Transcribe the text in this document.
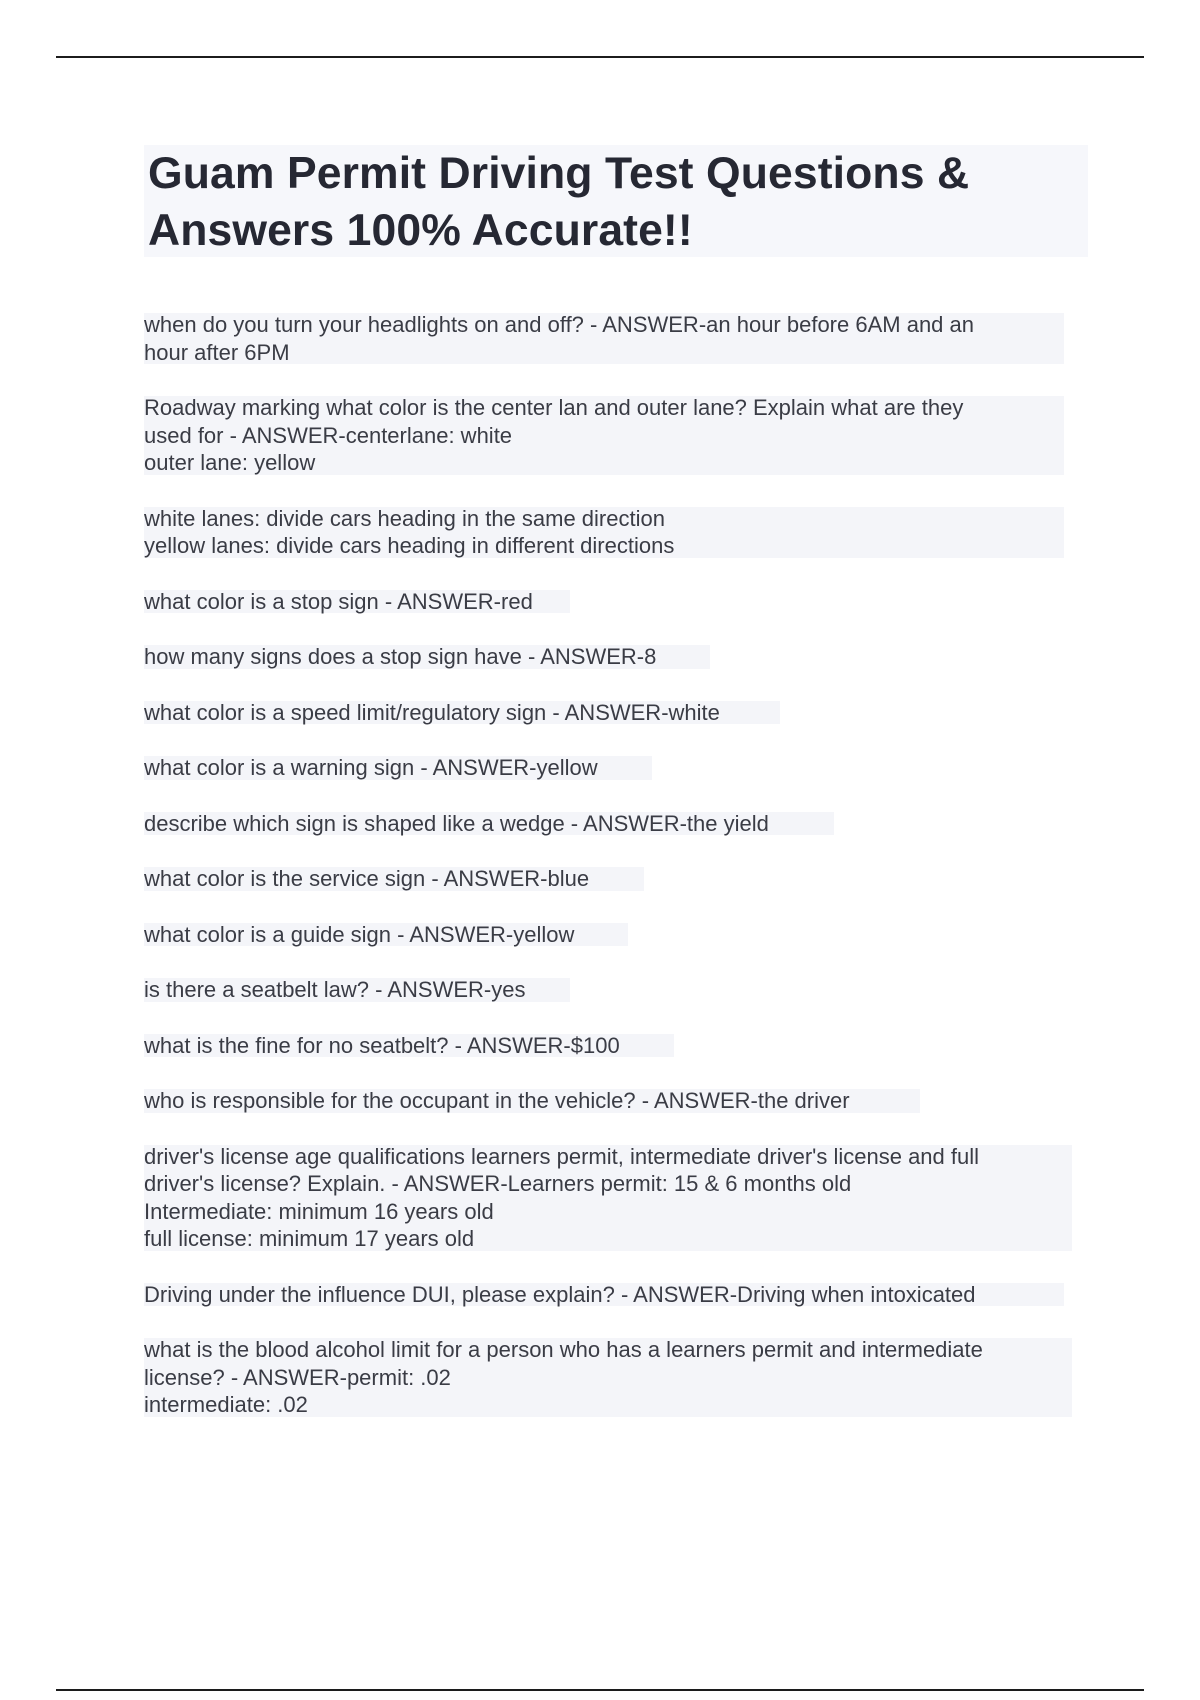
Guam Permit Driving Test Questions & Answers 100% Accurate!!
when do you turn your headlights on and off? - ANSWER-an hour before 6AM and an
hour after 6PM
Roadway marking what color is the center lan and outer lane? Explain what are they
used for - ANSWER-centerlane: white
outer lane: yellow
white lanes: divide cars heading in the same direction
yellow lanes: divide cars heading in different directions
what color is a stop sign - ANSWER-red
how many signs does a stop sign have - ANSWER-8
what color is a speed limit/regulatory sign - ANSWER-white
what color is a warning sign - ANSWER-yellow
describe which sign is shaped like a wedge - ANSWER-the yield
what color is the service sign - ANSWER-blue
what color is a guide sign - ANSWER-yellow
is there a seatbelt law? - ANSWER-yes
what is the fine for no seatbelt? - ANSWER-$100
who is responsible for the occupant in the vehicle? - ANSWER-the driver
driver's license age qualifications learners permit, intermediate driver's license and full
driver's license? Explain. - ANSWER-Learners permit: 15 & 6 months old
Intermediate: minimum 16 years old
full license: minimum 17 years old
Driving under the influence DUI, please explain? - ANSWER-Driving when intoxicated
what is the blood alcohol limit for a person who has a learners permit and intermediate
license? - ANSWER-permit: .02
intermediate: .02
